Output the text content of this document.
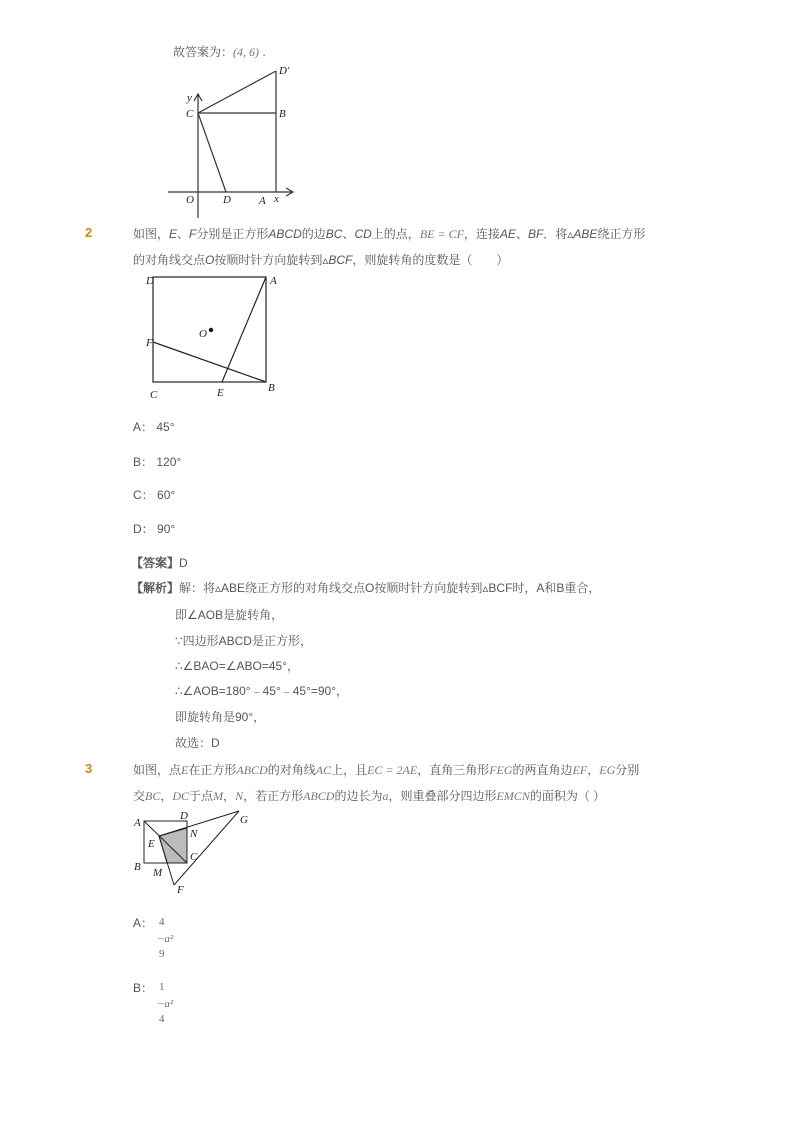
故答案为：(4, 6) .
y
C	B
D'
O	D	A x
D	A
F
O
C	E	B
A
D	G
N
E
C
B M
F
2	如图，E、F分别是正方形ABCD的边BC、CD上的点，BE = CF，连接AE、BF．将▵ABE绕正方形
的对角线交点O按顺时针方向旋转到▵BCF，则旋转角的度数是（　　）
A： 45°
B： 120°
C： 60°
D： 90°
【答案】D
【解析】解：将▵ABE绕正方形的对角线交点O按顺时针方向旋转到▵BCF时，A和B重合，
即∠AOB是旋转角，
∵四边形ABCD是正方形，
∴∠BAO=∠ABO=45°，
∴∠AOB=180°﹣45°﹣45°=90°，
即旋转角是90°，
故选：D
3	如图，点E在正方形ABCD的对角线AC上，且EC = 2AE，直角三角形FEG的两直角边EF，EG分别
交BC，DC于点M，N，若正方形ABCD的边长为a，则重叠部分四边形EMCN的面积为（ ）
A： 4
−a²
9
B： 1
−a²
4
